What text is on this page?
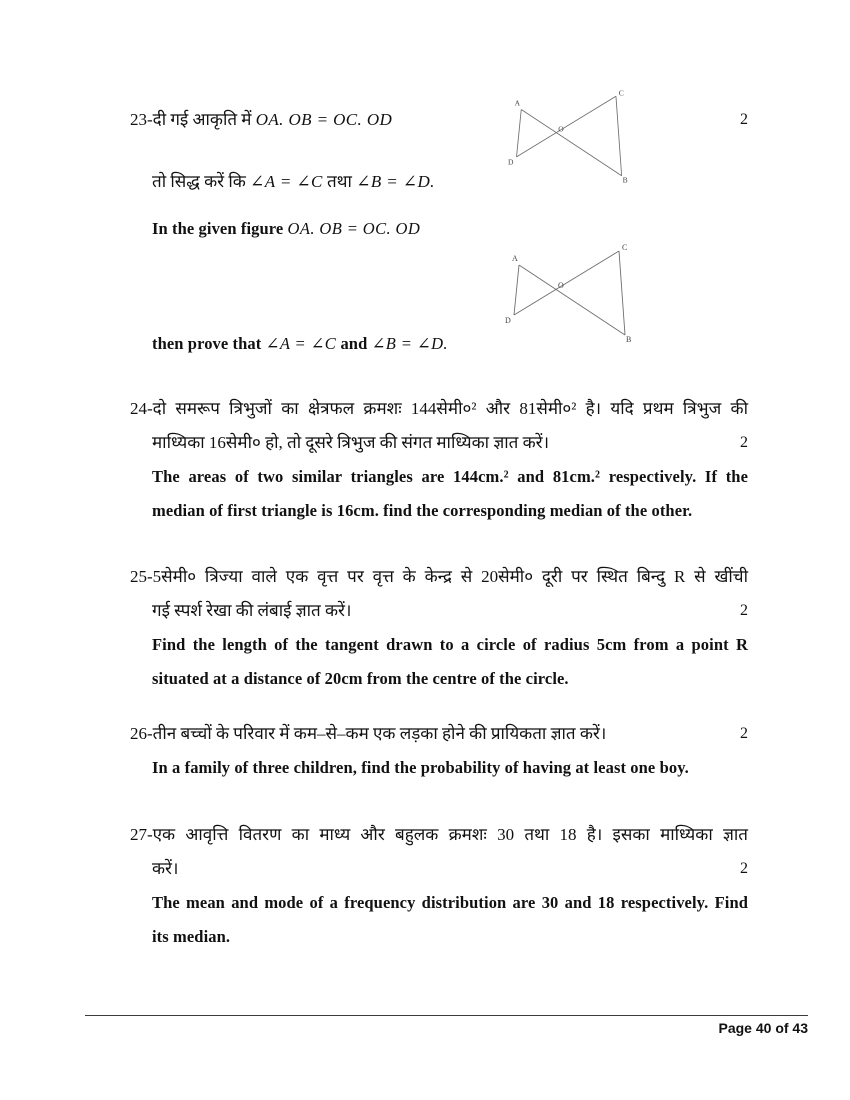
23-दी गई आकृति में OA. OB = OC. OD	2
तो सिद्ध करें कि ∠A = ∠C तथा ∠B = ∠D.
In the given figure OA. OB = OC. OD
then prove that ∠A = ∠C and ∠B = ∠D.
A
C
D
B
O
A
C
D
B
O
24-दो समरूप त्रिभुजों का क्षेत्रफल क्रमशः 144सेमी०² और 81सेमी०² है। यदि प्रथम त्रिभुज की
माध्यिका 16सेमी० हो, तो दूसरे त्रिभुज की संगत माध्यिका ज्ञात करें।	2
The areas of two similar triangles are 144cm.² and 81cm.² respectively. If the
median of first triangle is 16cm. find the corresponding median of the other.
25-5सेमी० त्रिज्या वाले एक वृत्त पर वृत्त के केन्द्र से 20सेमी० दूरी पर स्थित बिन्दु R से खींची
गई स्पर्श रेखा की लंबाई ज्ञात करें।	2
Find the length of the tangent drawn to a circle of radius 5cm from a point R
situated at a distance of 20cm from the centre of the circle.
26-तीन बच्चों के परिवार में कम–से–कम एक लड़का होने की प्रायिकता ज्ञात करें।	2
In a family of three children, find the probability of having at least one boy.
27-एक आवृत्ति वितरण का माध्य और बहुलक क्रमशः 30 तथा 18 है। इसका माध्यिका ज्ञात
करें।	2
The mean and mode of a frequency distribution are 30 and 18 respectively. Find
its median.
Page 40 of 43
